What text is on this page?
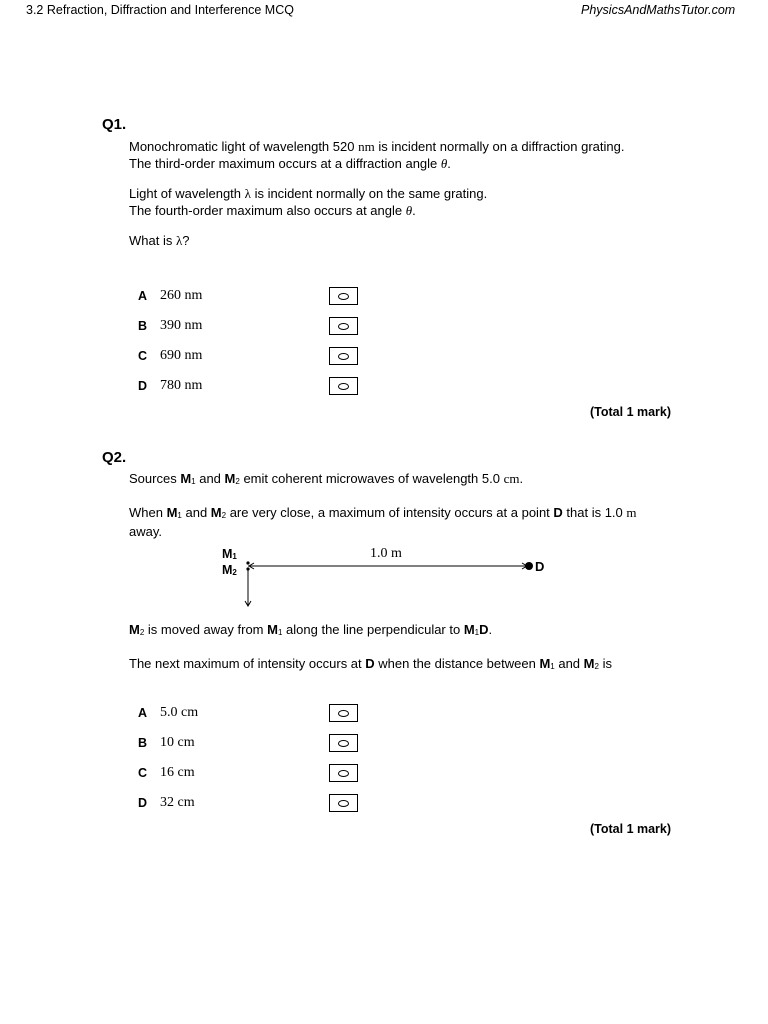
3.2 Refraction, Diffraction and Interference MCQ	PhysicsAndMathsTutor.com
Q1.

Monochromatic light of wavelength 520 nm is incident normally on a diffraction grating.

The third-order maximum occurs at a diffraction angle θ.

Light of wavelength λ is incident normally on the same grating.

The fourth-order maximum also occurs at angle θ.

What is λ?

A 260 nm
B 390 nm
C 690 nm
D 780 nm
(Total 1 mark)
Q2.

Sources $M_1$ and $M_2$ emit coherent microwaves of wavelength 5.0 cm.

When $M_1$ and $M_2$ are very close, a maximum of intensity occurs at a point D that is 1.0 m away.

$M_1$
$M_2$
1.0 m
D

$M_2$ is moved away from $M_1$ along the line perpendicular to $M_1D$.

The next maximum of intensity occurs at D when the distance between $M_1$ and $M_2$ is

A 5.0 cm
B 10 cm
C 16 cm
D 32 cm
(Total 1 mark)
